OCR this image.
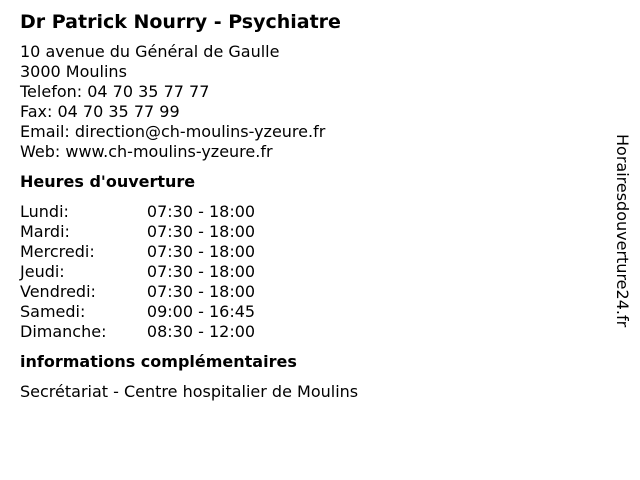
Dr Patrick Nourry - Psychiatre
10 avenue du Général de Gaulle
3000 Moulins
Telefon: 04 70 35 77 77
Fax: 04 70 35 77 99
Email: direction@ch-moulins-yzeure.fr
Web: www.ch-moulins-yzeure.fr
Heures d'ouverture
Lundi:	07:30 - 18:00
Mardi:	07:30 - 18:00
Mercredi:	07:30 - 18:00
Jeudi:	07:30 - 18:00
Vendredi:	07:30 - 18:00
Samedi:	09:00 - 16:45
Dimanche:	08:30 - 12:00
informations complémentaires
Secrétariat - Centre hospitalier de Moulins
Horairesdouverture24.fr
